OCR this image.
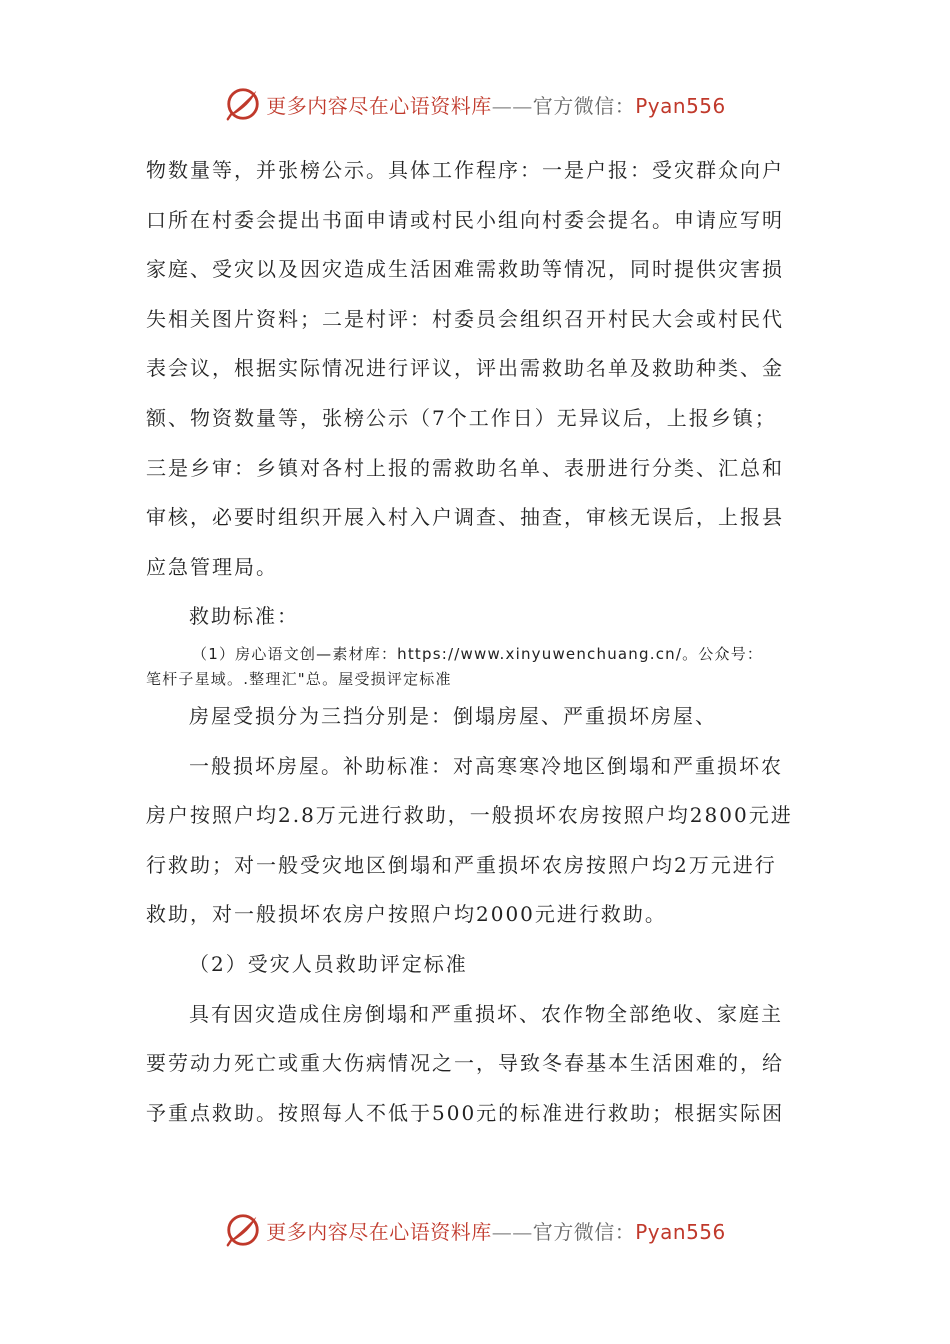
更多内容尽在心语资料库——官方微信：Pyan556

物数量等，并张榜公示。具体工作程序：一是户报：受灾群众向户

口所在村委会提出书面申请或村民小组向村委会提名。申请应写明

家庭、受灾以及因灾造成生活困难需救助等情况，同时提供灾害损

失相关图片资料；二是村评：村委员会组织召开村民大会或村民代

表会议，根据实际情况进行评议，评出需救助名单及救助种类、金

额、物资数量等，张榜公示（7个工作日）无异议后，上报乡镇；

三是乡审：乡镇对各村上报的需救助名单、表册进行分类、汇总和

审核，必要时组织开展入村入户调查、抽查，审核无误后，上报县

应急管理局。

救助标准：

（1）房心语文创—素材库：https://www.xinyuwenchuang.cn/。公众号：

笔杆子星域。.整理汇"总。屋受损评定标准

房屋受损分为三挡分别是：倒塌房屋、严重损坏房屋、

一般损坏房屋。补助标准：对高寒寒冷地区倒塌和严重损坏农

房户按照户均2.8万元进行救助，一般损坏农房按照户均2800元进

行救助；对一般受灾地区倒塌和严重损坏农房按照户均2万元进行

救助，对一般损坏农房户按照户均2000元进行救助。

（2）受灾人员救助评定标准

具有因灾造成住房倒塌和严重损坏、农作物全部绝收、家庭主

要劳动力死亡或重大伤病情况之一，导致冬春基本生活困难的，给

予重点救助。按照每人不低于500元的标准进行救助；根据实际困

更多内容尽在心语资料库——官方微信：Pyan556
